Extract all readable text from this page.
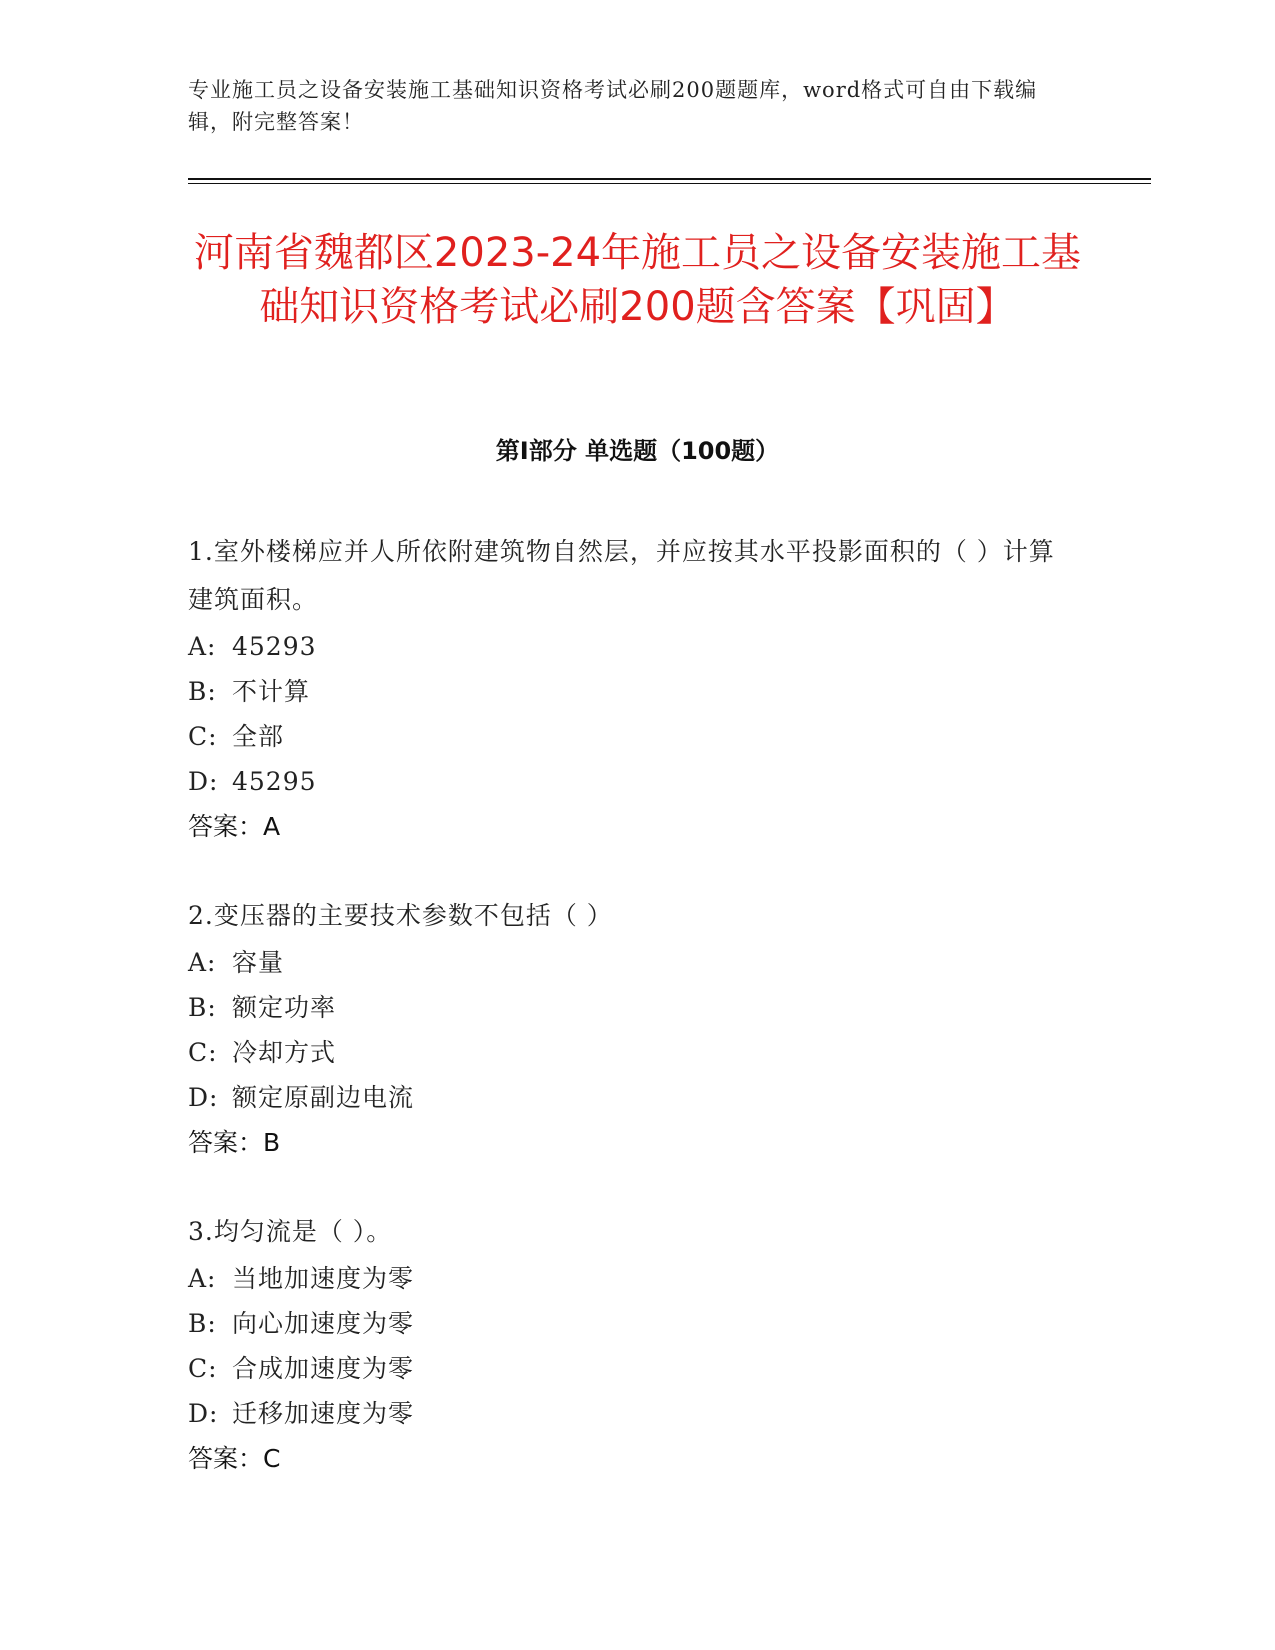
专业施工员之设备安装施工基础知识资格考试必刷200题题库，word格式可自由下载编辑，附完整答案！
河南省魏都区2023-24年施工员之设备安装施工基础知识资格考试必刷200题含答案【巩固】
第Ⅰ部分 单选题（100题）

1.室外楼梯应并人所依附建筑物自然层，并应按其水平投影面积的（ ）计算建筑面积。

A: 45293
B: 不计算
C: 全部
D: 45295
答案：A

2.变压器的主要技术参数不包括（ ）

A: 容量
B: 额定功率
C: 冷却方式
D: 额定原副边电流
答案：B

3.均匀流是（ ）。

A: 当地加速度为零
B: 向心加速度为零
C: 合成加速度为零
D: 迁移加速度为零
答案：C
